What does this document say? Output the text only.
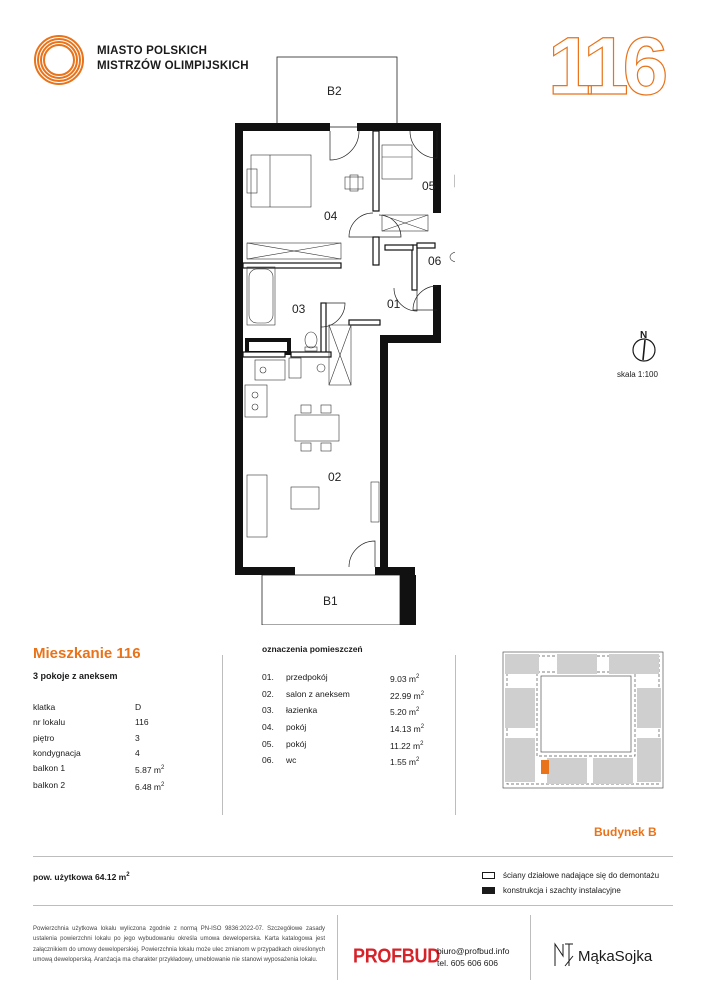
MIASTO POLSKICH
MISTRZÓW OLIMPIJSKICH	116
B2
B1
04
05
06
03	01
02
N
skala 1:100
Mieszkanie 116
3 pokoje z aneksem
klatka	D
nr lokalu	116
piętro	3
kondygnacja	4
balkon 1	5.87 $m^2$
balkon 2	6.48 $m^2$
oznaczenia pomieszczeń
01.	przedpokój	9.03 $m^2$
02.	salon z aneksem	22.99 $m^2$
03.	łazienka	5.20 $m^2$
04.	pokój	14.13 $m^2$
05.	pokój	11.22 $m^2$
06.	wc	1.55 $m^2$
Budynek B
pow. użytkowa 64.12 $m^2$	ściany działowe nadające się do demontażu
konstrukcja i szachty instalacyjne
Powierzchnia użytkowa lokalu wyliczona zgodnie z normą PN-ISO 9836:2022-07. Szczegółowe zasady ustalenia powierzchni lokalu po jego wybudowaniu określa umowa deweloperska. Karta katalogowa jest załącznikiem do umowy deweloperskiej. Powierzchnia lokalu może ulec zmianom w przypadkach określonych umową deweloperską. Aranżacja ma charakter przykładowy, umeblowanie nie stanowi wyposażenia lokalu.	PROFBUD
biuro@profbud.info
tel. 605 606 606	MąkaSojka
